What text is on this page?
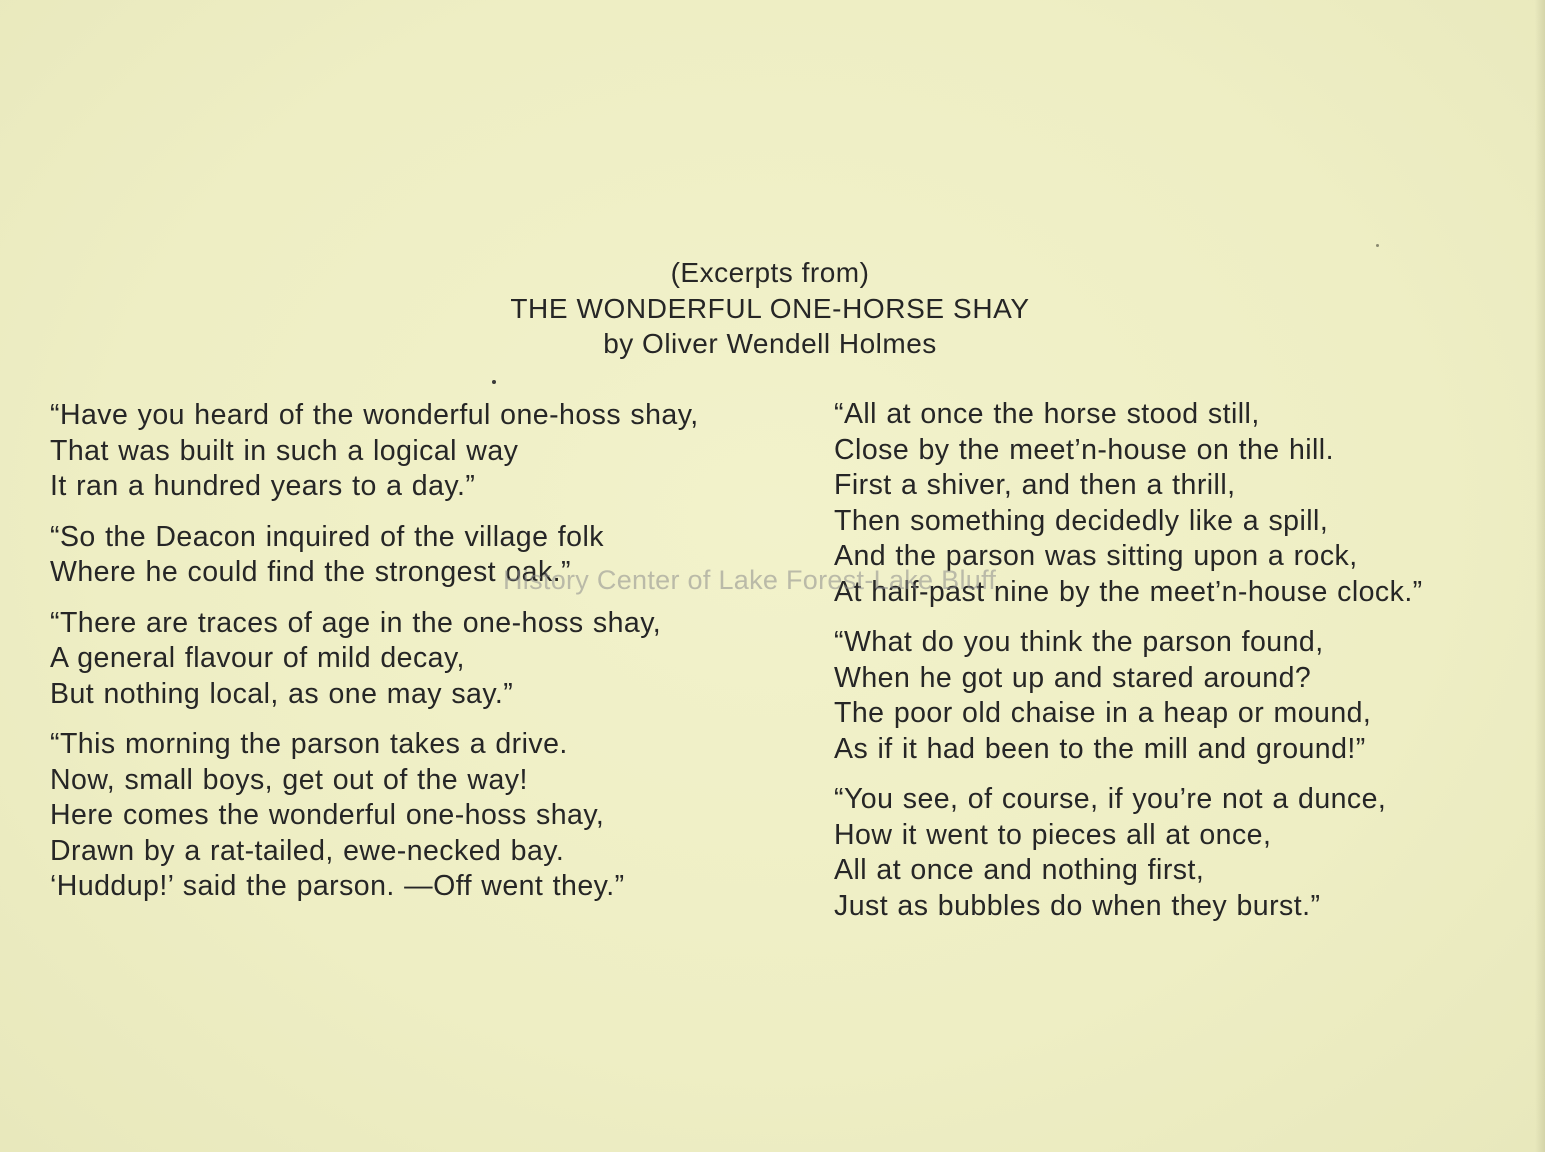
(Excerpts from)
THE WONDERFUL ONE-HORSE SHAY
by Oliver Wendell Holmes
“Have you heard of the wonderful one-hoss shay,
That was built in such a logical way
It ran a hundred years to a day.”
“So the Deacon inquired of the village folk
Where he could find the strongest oak.”
“There are traces of age in the one-hoss shay,
A general flavour of mild decay,
But nothing local, as one may say.”
“This morning the parson takes a drive.
Now, small boys, get out of the way!
Here comes the wonderful one-hoss shay,
Drawn by a rat-tailed, ewe-necked bay.
‘Huddup!’ said the parson. —Off went they.”
“All at once the horse stood still,
Close by the meet’n-house on the hill.
First a shiver, and then a thrill,
Then something decidedly like a spill,
And the parson was sitting upon a rock,
At half-past nine by the meet’n-house clock.”
“What do you think the parson found,
When he got up and stared around?
The poor old chaise in a heap or mound,
As if it had been to the mill and ground!”
“You see, of course, if you’re not a dunce,
How it went to pieces all at once,
All at once and nothing first,
Just as bubbles do when they burst.”
History Center of Lake Forest-Lake Bluff
